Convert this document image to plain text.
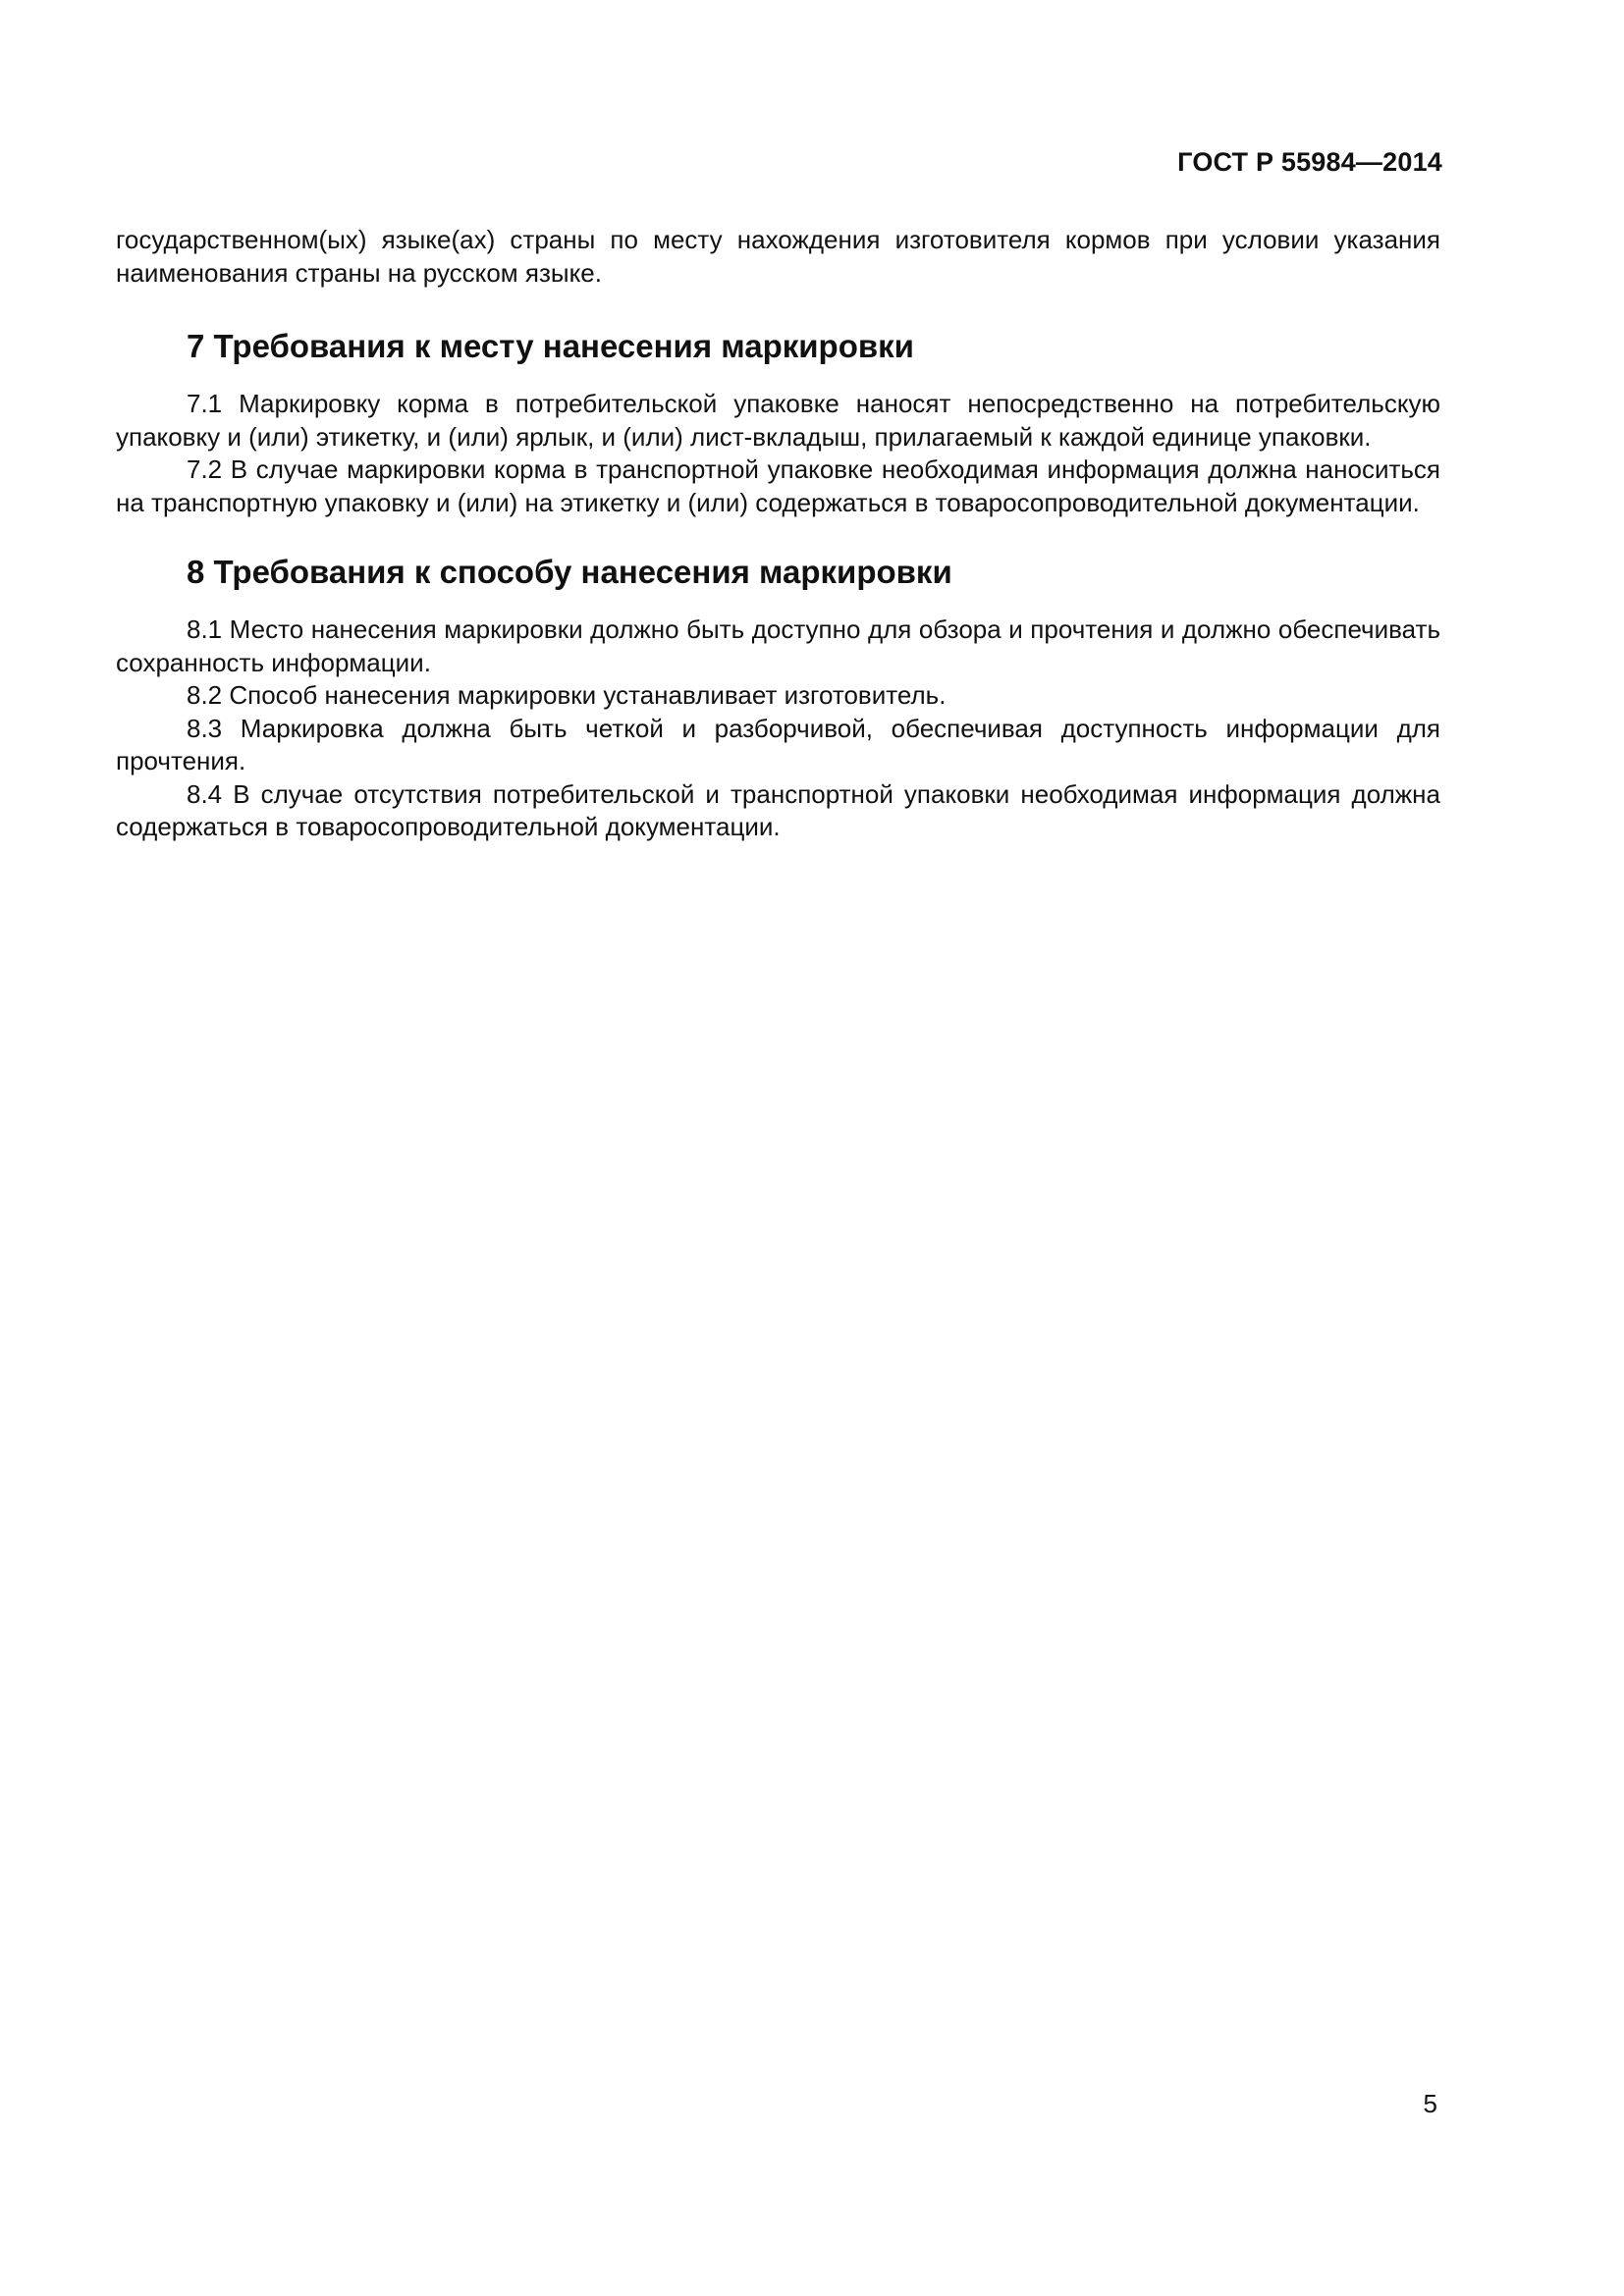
ГОСТ Р 55984—2014

государственном(ых) языке(ах) страны по месту нахождения изготовителя кормов при условии указания наименования страны на русском языке.

7 Требования к месту нанесения маркировки

7.1 Маркировку корма в потребительской упаковке наносят непосредственно на потребительскую упаковку и (или) этикетку, и (или) ярлык, и (или) лист-вкладыш, прилагаемый к каждой единице упаковки.

7.2 В случае маркировки корма в транспортной упаковке необходимая информация должна наноситься на транспортную упаковку и (или) на этикетку и (или) содержаться в товаросопроводительной документации.

8 Требования к способу нанесения маркировки

8.1 Место нанесения маркировки должно быть доступно для обзора и прочтения и должно обеспечивать сохранность информации.

8.2 Способ нанесения маркировки устанавливает изготовитель.

8.3 Маркировка должна быть четкой и разборчивой, обеспечивая доступность информации для прочтения.

8.4 В случае отсутствия потребительской и транспортной упаковки необходимая информация должна содержаться в товаросопроводительной документации.

5
